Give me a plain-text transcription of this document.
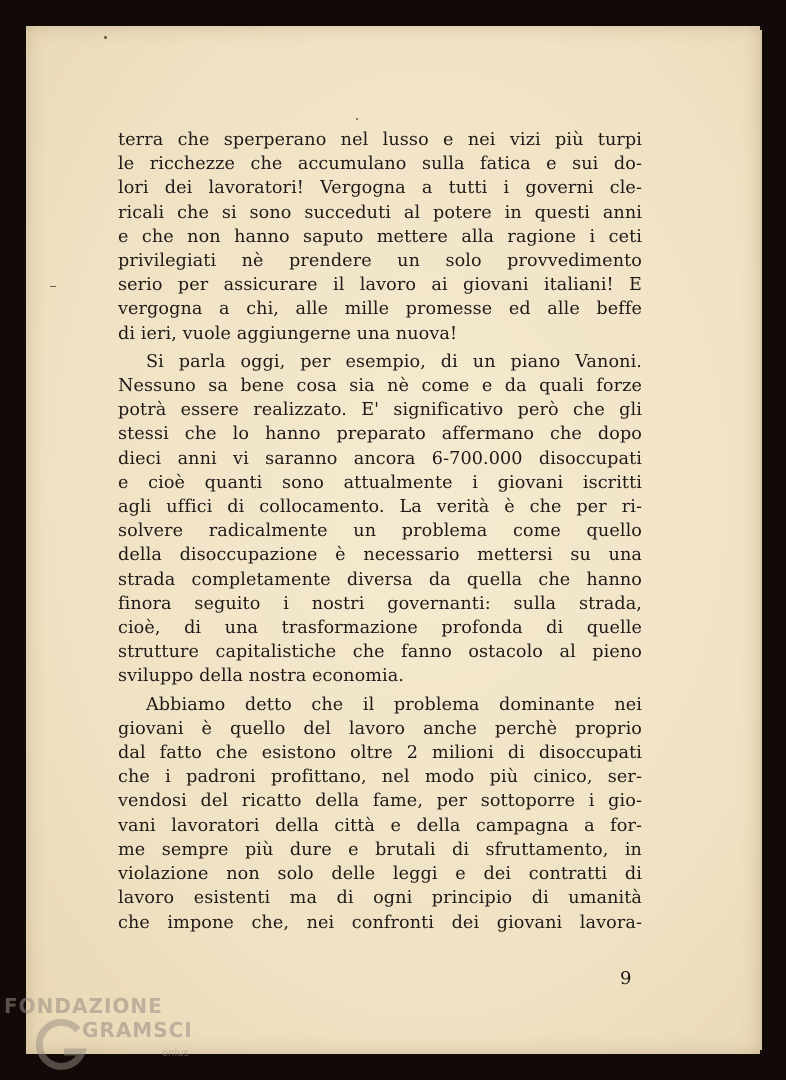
terra che sperperano nel lusso e nei vizi più turpi
le ricchezze che accumulano sulla fatica e sui do-
lori dei lavoratori! Vergogna a tutti i governi cle-
ricali che si sono succeduti al potere in questi anni
e che non hanno saputo mettere alla ragione i ceti
privilegiati nè prendere un solo provvedimento
serio per assicurare il lavoro ai giovani italiani! E
vergogna a chi, alle mille promesse ed alle beffe
di ieri, vuole aggiungerne una nuova!
Si parla oggi, per esempio, di un piano Vanoni.
Nessuno sa bene cosa sia nè come e da quali forze
potrà essere realizzato. E' significativo però che gli
stessi che lo hanno preparato affermano che dopo
dieci anni vi saranno ancora 6-700.000 disoccupati
e cioè quanti sono attualmente i giovani iscritti
agli uffici di collocamento. La verità è che per ri-
solvere radicalmente un problema come quello
della disoccupazione è necessario mettersi su una
strada completamente diversa da quella che hanno
finora seguito i nostri governanti: sulla strada,
cioè, di una trasformazione profonda di quelle
strutture capitalistiche che fanno ostacolo al pieno
sviluppo della nostra economia.
Abbiamo detto che il problema dominante nei
giovani è quello del lavoro anche perchè proprio
dal fatto che esistono oltre 2 milioni di disoccupati
che i padroni profittano, nel modo più cinico, ser-
vendosi del ricatto della fame, per sottoporre i gio-
vani lavoratori della città e della campagna a for-
me sempre più dure e brutali di sfruttamento, in
violazione non solo delle leggi e dei contratti di
lavoro esistenti ma di ogni principio di umanità
che impone che, nei confronti dei giovani lavora-
9
FONDAZIONE
GRAMSCI
onlus
